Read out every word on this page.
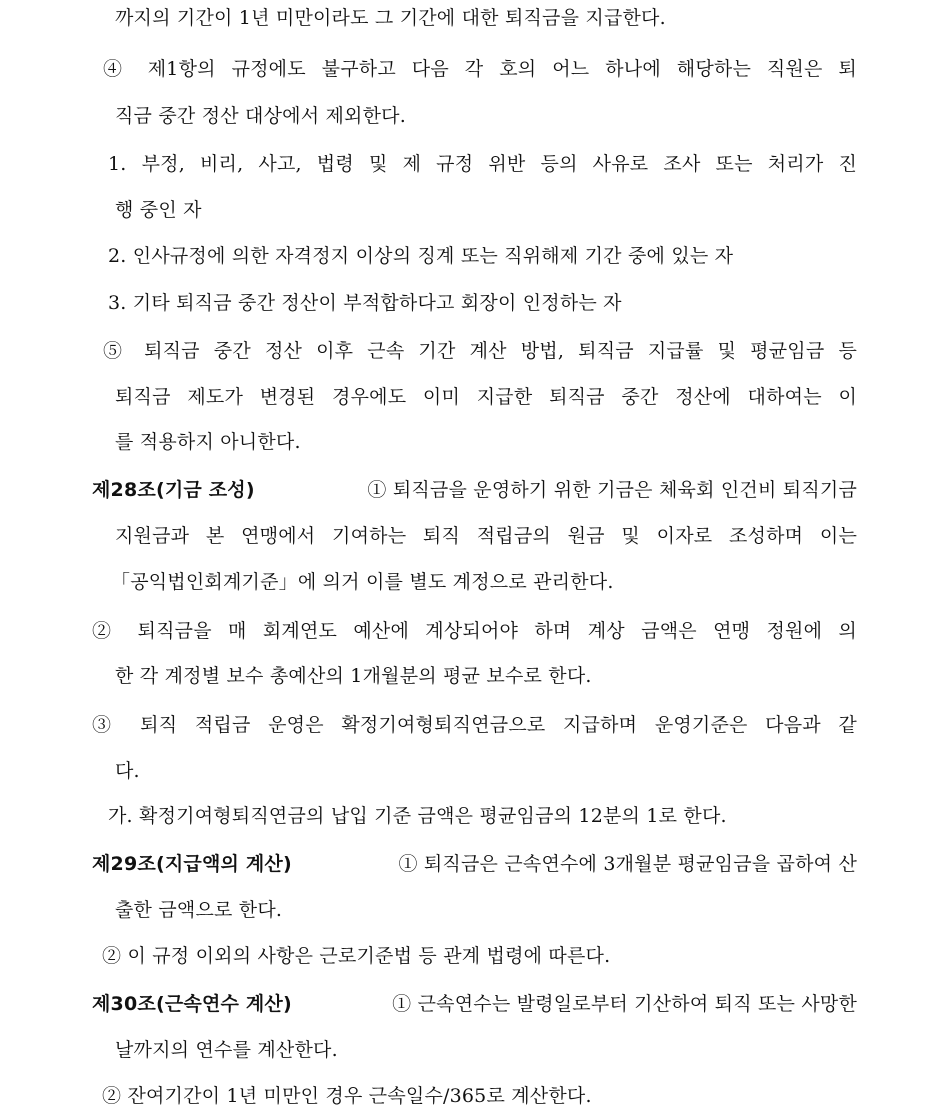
까지의 기간이 1년 미만이라도 그 기간에 대한 퇴직금을 지급한다.
④ 제1항의 규정에도 불구하고 다음 각 호의 어느 하나에 해당하는 직원은 퇴
직금 중간 정산 대상에서 제외한다.
1. 부정, 비리, 사고, 법령 및 제 규정 위반 등의 사유로 조사 또는 처리가 진
행 중인 자
2. 인사규정에 의한 자격정지 이상의 징계 또는 직위해제 기간 중에 있는 자
3. 기타 퇴직금 중간 정산이 부적합하다고 회장이 인정하는 자
⑤ 퇴직금 중간 정산 이후 근속 기간 계산 방법, 퇴직금 지급률 및 평균임금 등
퇴직금 제도가 변경된 경우에도 이미 지급한 퇴직금 중간 정산에 대하여는 이
를 적용하지 아니한다.
제28조(기금 조성)	① 퇴직금을 운영하기 위한 기금은 체육회 인건비 퇴직기금
지원금과 본 연맹에서 기여하는 퇴직 적립금의 원금 및 이자로 조성하며 이는
「공익법인회계기준」에 의거 이를 별도 계정으로 관리한다.
② 퇴직금을 매 회계연도 예산에 계상되어야 하며 계상 금액은 연맹 정원에 의
한 각 계정별 보수 총예산의 1개월분의 평균 보수로 한다.
③ 퇴직 적립금 운영은 확정기여형퇴직연금으로 지급하며 운영기준은 다음과 같
다.
가. 확정기여형퇴직연금의 납입 기준 금액은 평균임금의 12분의 1로 한다.
제29조(지급액의 계산)	① 퇴직금은 근속연수에 3개월분 평균임금을 곱하여 산
출한 금액으로 한다.
② 이 규정 이외의 사항은 근로기준법 등 관계 법령에 따른다.
제30조(근속연수 계산)	① 근속연수는 발령일로부터 기산하여 퇴직 또는 사망한
날까지의 연수를 계산한다.
② 잔여기간이 1년 미만인 경우 근속일수/365로 계산한다.
